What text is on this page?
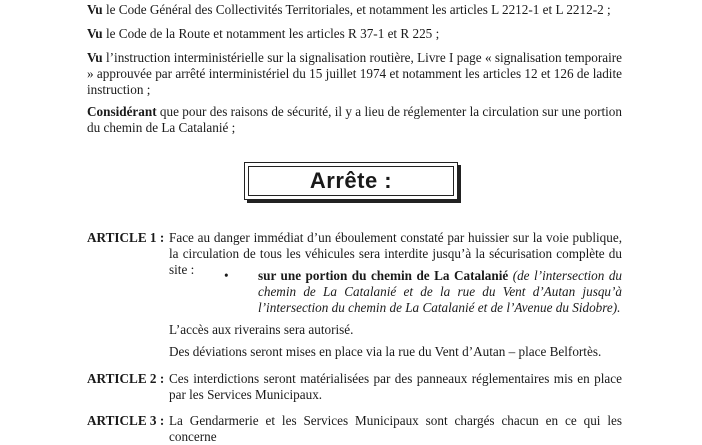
Vu le Code Général des Collectivités Territoriales, et notamment les articles L 2212-1 et L 2212-2 ;

Vu le Code de la Route et notamment les articles R 37-1 et R 225 ;

Vu l’instruction interministérielle sur la signalisation routière, Livre I page « signalisation temporaire » approuvée par arrêté interministériel du 15 juillet 1974 et notamment les articles 12 et 126 de ladite instruction ;

Considérant que pour des raisons de sécurité, il y a lieu de réglementer la circulation sur une portion du chemin de La Catalanié ;

Arrête :

ARTICLE 1 : Face au danger immédiat d’un éboulement constaté par huissier sur la voie publique, la circulation de tous les véhicules sera interdite jusqu’à la sécurisation complète du site :	• sur une portion du chemin de La Catalanié (de l’intersection du chemin de La Catalanié et de la rue du Vent d’Autan jusqu’à l’intersection du chemin de La Catalanié et de l’Avenue du Sidobre).

L’accès aux riverains sera autorisé.

Des déviations seront mises en place via la rue du Vent d’Autan – place Belfortès.

ARTICLE 2 : Ces interdictions seront matérialisées par des panneaux réglementaires mis en place par les Services Municipaux.

ARTICLE 3 : La Gendarmerie et les Services Municipaux sont chargés chacun en ce qui les concerne
